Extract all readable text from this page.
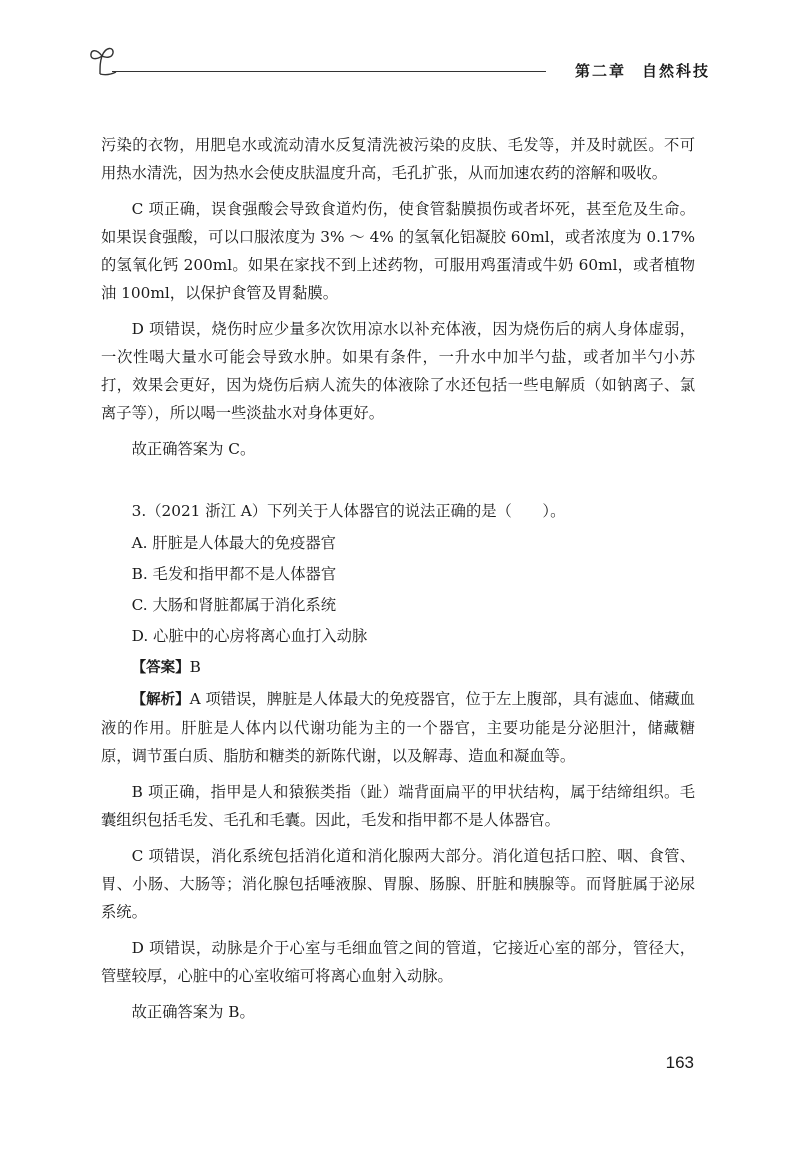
第二章 自然科技

污染的衣物，用肥皂水或流动清水反复清洗被污染的皮肤、毛发等，并及时就医。不可用热水清洗，因为热水会使皮肤温度升高，毛孔扩张，从而加速农药的溶解和吸收。

C 项正确，误食强酸会导致食道灼伤，使食管黏膜损伤或者坏死，甚至危及生命。如果误食强酸，可以口服浓度为 3% ～ 4% 的氢氧化铝凝胶 60ml，或者浓度为 0.17% 的氢氧化钙 200ml。如果在家找不到上述药物，可服用鸡蛋清或牛奶 60ml，或者植物油 100ml，以保护食管及胃黏膜。

D 项错误，烧伤时应少量多次饮用凉水以补充体液，因为烧伤后的病人身体虚弱，一次性喝大量水可能会导致水肿。如果有条件，一升水中加半勺盐，或者加半勺小苏打，效果会更好，因为烧伤后病人流失的体液除了水还包括一些电解质（如钠离子、氯离子等），所以喝一些淡盐水对身体更好。

故正确答案为 C。

3.（2021 浙江 A）下列关于人体器官的说法正确的是（　　）。

A. 肝脏是人体最大的免疫器官

B. 毛发和指甲都不是人体器官

C. 大肠和肾脏都属于消化系统

D. 心脏中的心房将离心血打入动脉

【答案】B

【解析】A 项错误，脾脏是人体最大的免疫器官，位于左上腹部，具有滤血、储藏血液的作用。肝脏是人体内以代谢功能为主的一个器官，主要功能是分泌胆汁，储藏糖原，调节蛋白质、脂肪和糖类的新陈代谢，以及解毒、造血和凝血等。

B 项正确，指甲是人和猿猴类指（趾）端背面扁平的甲状结构，属于结缔组织。毛囊组织包括毛发、毛孔和毛囊。因此，毛发和指甲都不是人体器官。

C 项错误，消化系统包括消化道和消化腺两大部分。消化道包括口腔、咽、食管、胃、小肠、大肠等；消化腺包括唾液腺、胃腺、肠腺、肝脏和胰腺等。而肾脏属于泌尿系统。

D 项错误，动脉是介于心室与毛细血管之间的管道，它接近心室的部分，管径大，管壁较厚，心脏中的心室收缩可将离心血射入动脉。

故正确答案为 B。

163
